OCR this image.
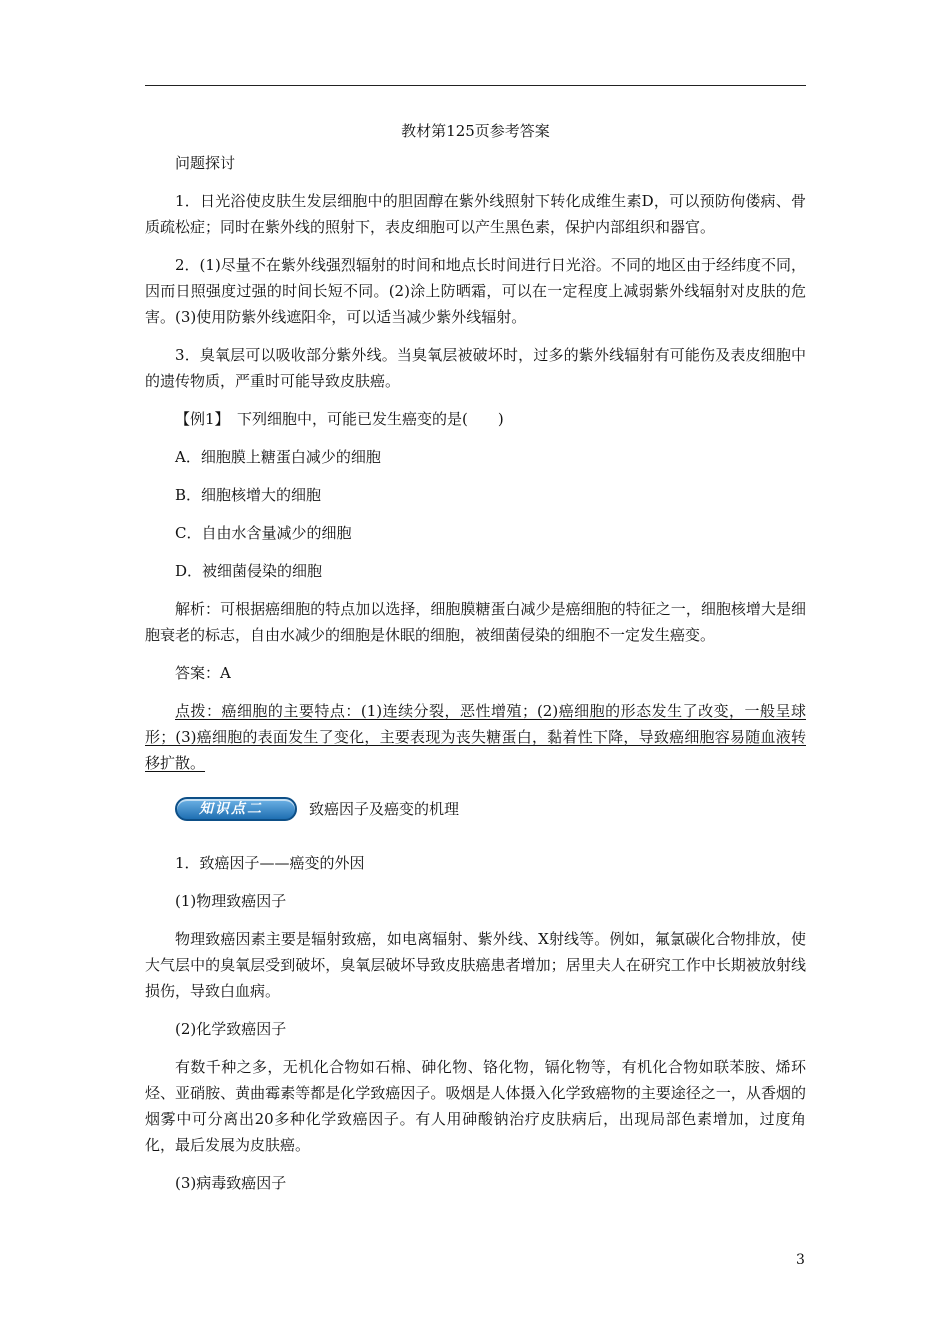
教材第125页参考答案

问题探讨

1．日光浴使皮肤生发层细胞中的胆固醇在紫外线照射下转化成维生素D，可以预防佝偻病、骨质疏松症；同时在紫外线的照射下，表皮细胞可以产生黑色素，保护内部组织和器官。

2．(1)尽量不在紫外线强烈辐射的时间和地点长时间进行日光浴。不同的地区由于经纬度不同，因而日照强度过强的时间长短不同。(2)涂上防晒霜，可以在一定程度上减弱紫外线辐射对皮肤的危害。(3)使用防紫外线遮阳伞，可以适当减少紫外线辐射。

3．臭氧层可以吸收部分紫外线。当臭氧层被破坏时，过多的紫外线辐射有可能伤及表皮细胞中的遗传物质，严重时可能导致皮肤癌。

【例1】　下列细胞中，可能已发生癌变的是(　　)

A．细胞膜上糖蛋白减少的细胞

B．细胞核增大的细胞

C．自由水含量减少的细胞

D．被细菌侵染的细胞

解析：可根据癌细胞的特点加以选择，细胞膜糖蛋白减少是癌细胞的特征之一，细胞核增大是细胞衰老的标志，自由水减少的细胞是休眠的细胞，被细菌侵染的细胞不一定发生癌变。

答案：A

点拨：癌细胞的主要特点：(1)连续分裂，恶性增殖；(2)癌细胞的形态发生了改变，一般呈球形；(3)癌细胞的表面发生了变化，主要表现为丧失糖蛋白，黏着性下降，导致癌细胞容易随血液转移扩散。

知识点二	致癌因子及癌变的机理

1．致癌因子——癌变的外因

(1)物理致癌因子

物理致癌因素主要是辐射致癌，如电离辐射、紫外线、X射线等。例如，氟氯碳化合物排放，使大气层中的臭氧层受到破坏，臭氧层破坏导致皮肤癌患者增加；居里夫人在研究工作中长期被放射线损伤，导致白血病。

(2)化学致癌因子

有数千种之多，无机化合物如石棉、砷化物、铬化物，镉化物等，有机化合物如联苯胺、烯环烃、亚硝胺、黄曲霉素等都是化学致癌因子。吸烟是人体摄入化学致癌物的主要途径之一，从香烟的烟雾中可分离出20多种化学致癌因子。有人用砷酸钠治疗皮肤病后，出现局部色素增加，过度角化，最后发展为皮肤癌。

(3)病毒致癌因子

3
